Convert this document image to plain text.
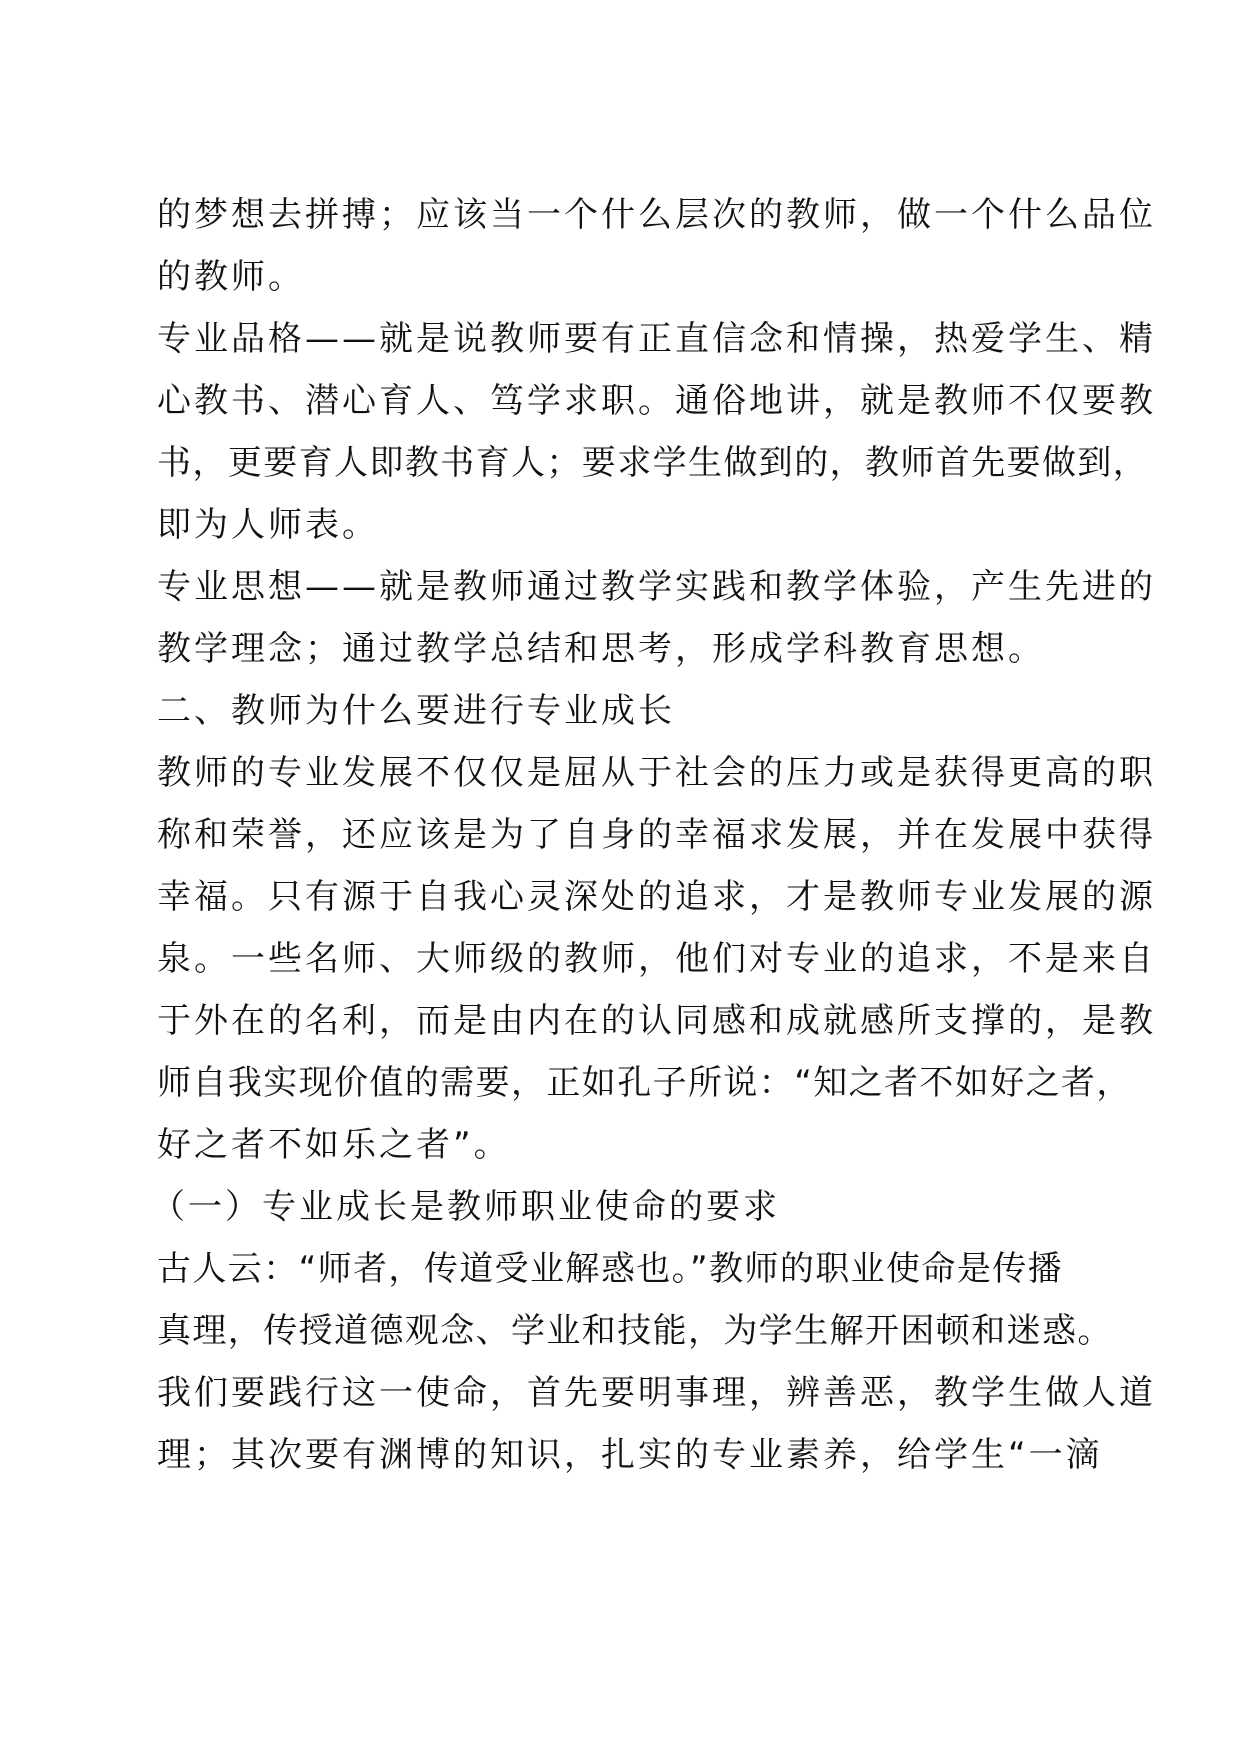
的梦想去拼搏；应该当一个什么层次的教师，做一个什么品位
的教师。
专业品格——就是说教师要有正直信念和情操，热爱学生、精
心教书、潜心育人、笃学求职。通俗地讲，就是教师不仅要教
书，更要育人即教书育人；要求学生做到的，教师首先要做到，
即为人师表。
专业思想——就是教师通过教学实践和教学体验，产生先进的
教学理念；通过教学总结和思考，形成学科教育思想。
二、教师为什么要进行专业成长
教师的专业发展不仅仅是屈从于社会的压力或是获得更高的职
称和荣誉，还应该是为了自身的幸福求发展，并在发展中获得
幸福。只有源于自我心灵深处的追求，才是教师专业发展的源
泉。一些名师、大师级的教师，他们对专业的追求，不是来自
于外在的名利，而是由内在的认同感和成就感所支撑的，是教
师自我实现价值的需要，正如孔子所说：“知之者不如好之者，
好之者不如乐之者”。
（一）专业成长是教师职业使命的要求
古人云：“师者，传道受业解惑也。”教师的职业使命是传播
真理，传授道德观念、学业和技能，为学生解开困顿和迷惑。
我们要践行这一使命，首先要明事理，辨善恶，教学生做人道
理；其次要有渊博的知识，扎实的专业素养，给学生“一滴
